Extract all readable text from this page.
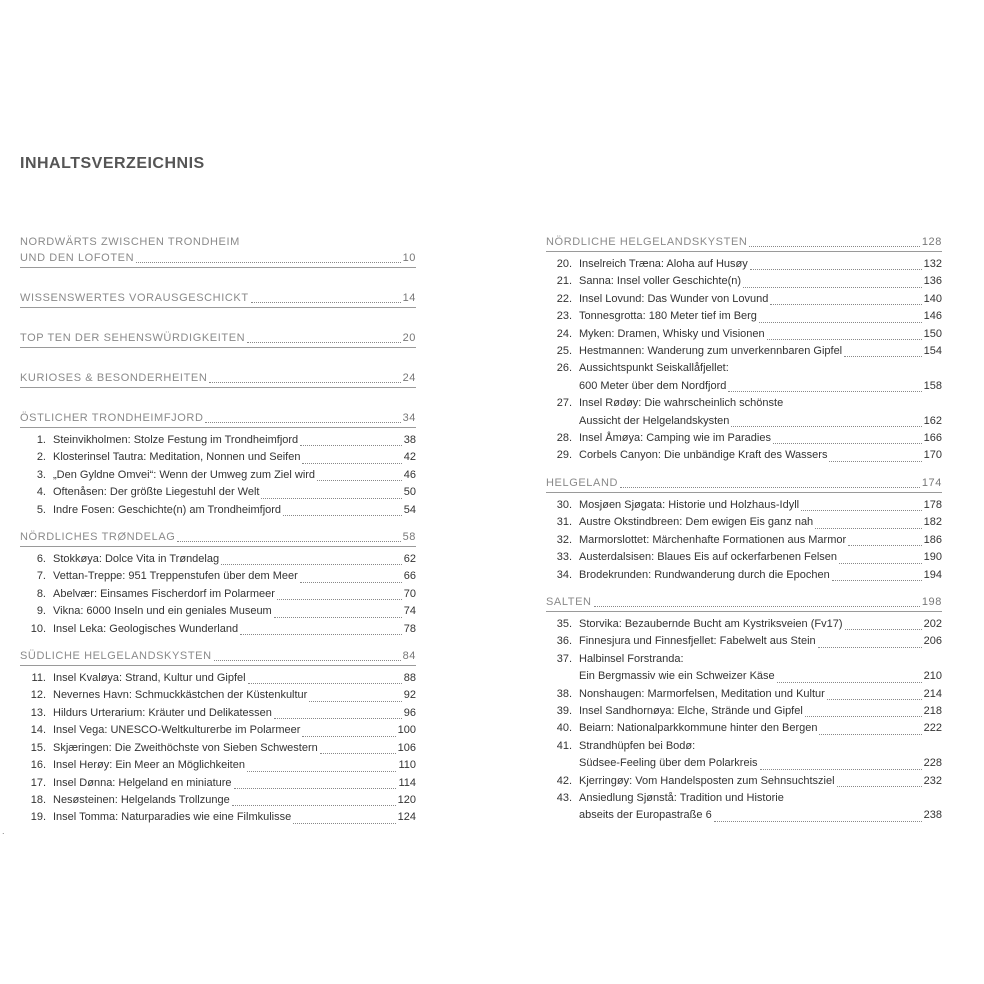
INHALTSVERZEICHNIS
NORDWÄRTS ZWISCHEN TRONDHEIM
UND DEN LOFOTEN	10
WISSENSWERTES VORAUSGESCHICKT	14
TOP TEN DER SEHENSWÜRDIGKEITEN	20
KURIOSES & BESONDERHEITEN	24
ÖSTLICHER TRONDHEIMFJORD	34
1. Steinvikholmen: Stolze Festung im Trondheimfjord	38
2. Klosterinsel Tautra: Meditation, Nonnen und Seifen	42
3. „Den Gyldne Omvei“: Wenn der Umweg zum Ziel wird	46
4. Oftenåsen: Der größte Liegestuhl der Welt	50
5. Indre Fosen: Geschichte(n) am Trondheimfjord	54
NÖRDLICHES TRØNDELAG	58
6. Stokkøya: Dolce Vita in Trøndelag	62
7. Vettan-Treppe: 951 Treppenstufen über dem Meer	66
8. Abelvær: Einsames Fischerdorf im Polarmeer	70
9. Vikna: 6000 Inseln und ein geniales Museum	74
10. Insel Leka: Geologisches Wunderland	78
SÜDLICHE HELGELANDSKYSTEN	84
11. Insel Kvaløya: Strand, Kultur und Gipfel	88
12. Nevernes Havn: Schmuckkästchen der Küstenkultur	92
13. Hildurs Urterarium: Kräuter und Delikatessen	96
14. Insel Vega: UNESCO-Weltkulturerbe im Polarmeer	100
15. Skjæringen: Die Zweithöchste von Sieben Schwestern	106
16. Insel Herøy: Ein Meer an Möglichkeiten	110
17. Insel Dønna: Helgeland en miniature	114
18. Nesøsteinen: Helgelands Trollzunge	120
19. Insel Tomma: Naturparadies wie eine Filmkulisse	124
NÖRDLICHE HELGELANDSKYSTEN	128
20. Inselreich Træna: Aloha auf Husøy	132
21. Sanna: Insel voller Geschichte(n)	136
22. Insel Lovund: Das Wunder von Lovund	140
23. Tonnesgrotta: 180 Meter tief im Berg	146
24. Myken: Dramen, Whisky und Visionen	150
25. Hestmannen: Wanderung zum unverkennbaren Gipfel	154
26. Aussichtspunkt Seiskallåfjellet:
600 Meter über dem Nordfjord	158
27. Insel Rødøy: Die wahrscheinlich schönste
Aussicht der Helgelandskysten	162
28. Insel Åmøya: Camping wie im Paradies	166
29. Corbels Canyon: Die unbändige Kraft des Wassers	170
HELGELAND	174
30. Mosjøen Sjøgata: Historie und Holzhaus-Idyll	178
31. Austre Okstindbreen: Dem ewigen Eis ganz nah	182
32. Marmorslottet: Märchenhafte Formationen aus Marmor	186
33. Austerdalsisen: Blaues Eis auf ockerfarbenen Felsen	190
34. Brodekrunden: Rundwanderung durch die Epochen	194
SALTEN	198
35. Storvika: Bezaubernde Bucht am Kystriksveien (Fv17)	202
36. Finnesjura und Finnesfjellet: Fabelwelt aus Stein	206
37. Halbinsel Forstranda:
Ein Bergmassiv wie ein Schweizer Käse	210
38. Nonshaugen: Marmorfelsen, Meditation und Kultur	214
39. Insel Sandhornøya: Elche, Strände und Gipfel	218
40. Beiarn: Nationalparkkommune hinter den Bergen	222
41. Strandhüpfen bei Bodø:
Südsee-Feeling über dem Polarkreis	228
42. Kjerringøy: Vom Handelsposten zum Sehnsuchtsziel	232
43. Ansiedlung Sjønstå: Tradition und Historie
abseits der Europastraße 6	238
.
